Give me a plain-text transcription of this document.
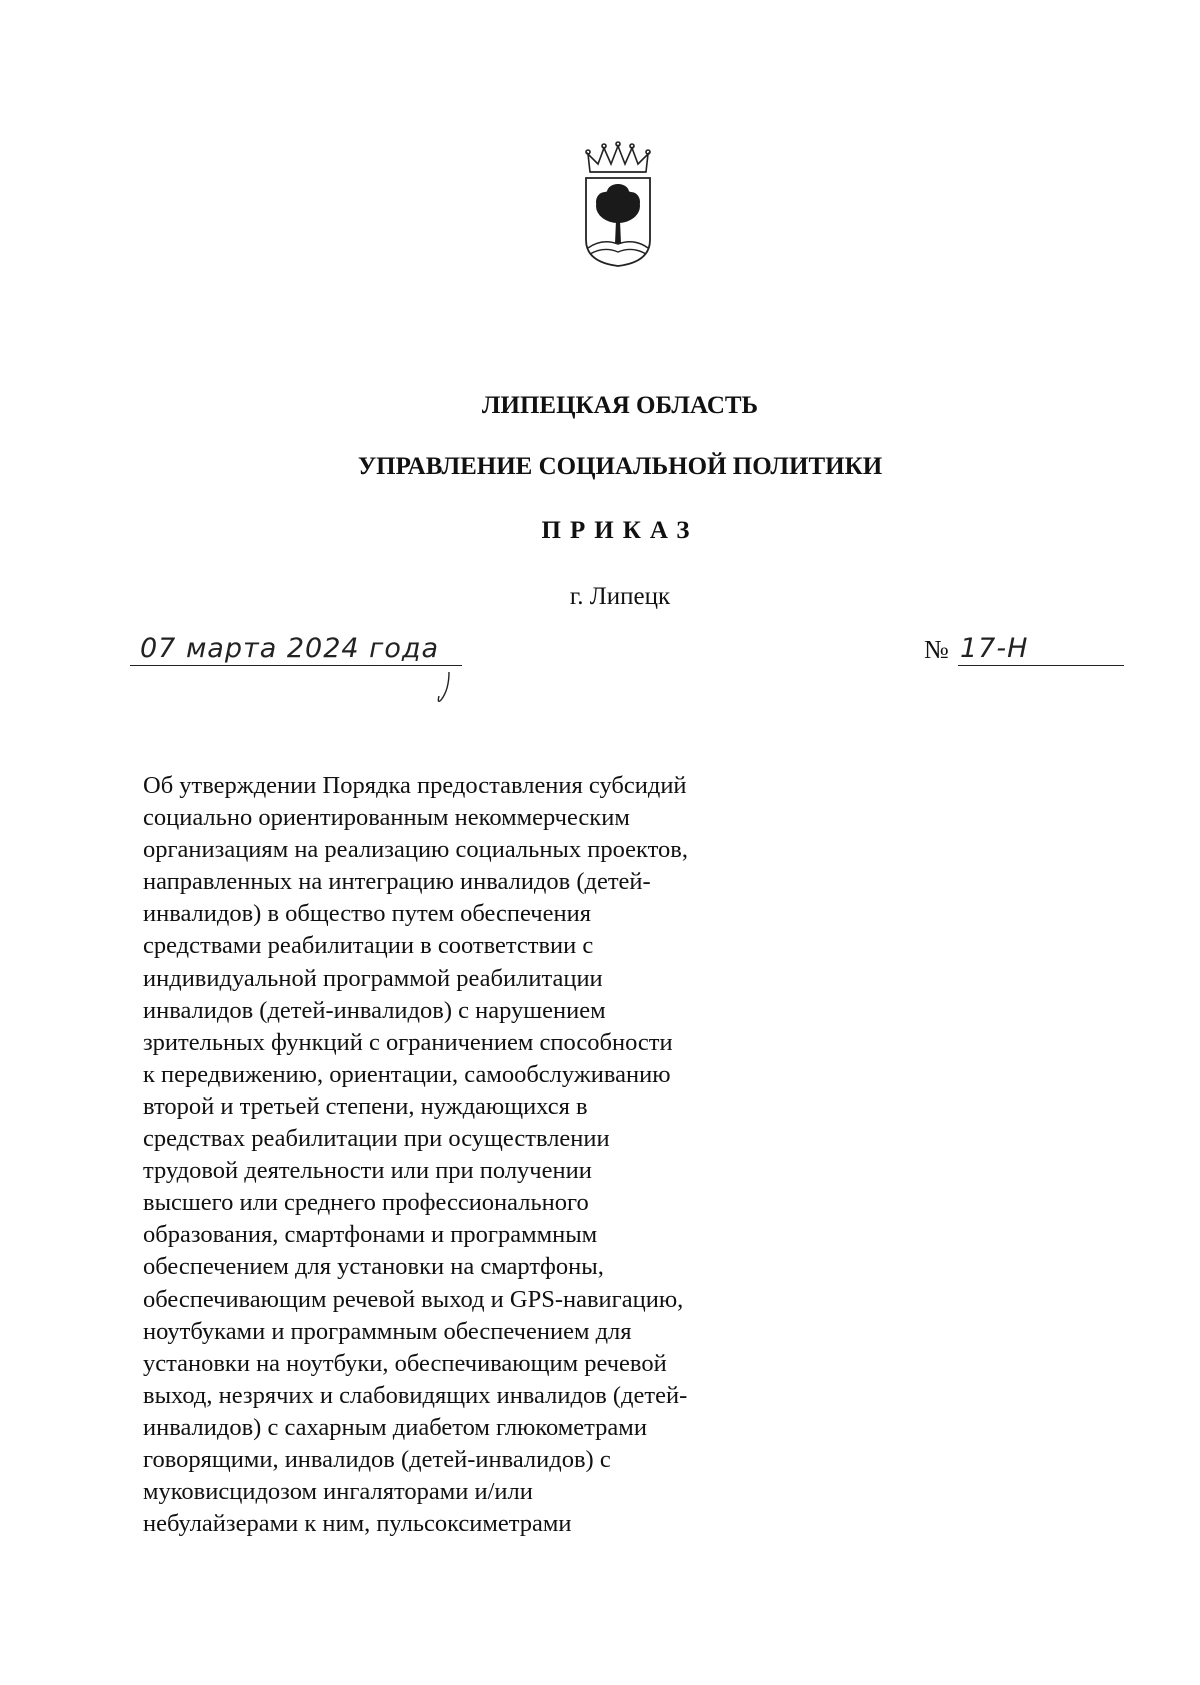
ЛИПЕЦКАЯ ОБЛАСТЬ
УПРАВЛЕНИЕ СОЦИАЛЬНОЙ ПОЛИТИКИ
ПРИКАЗ
г. Липецк
07 марта 2024 года	№ 17-Н
Об утверждении Порядка предоставления субсидий
социально ориентированным некоммерческим
организациям на реализацию социальных проектов,
направленных на интеграцию инвалидов (детей-
инвалидов) в общество путем обеспечения
средствами реабилитации в соответствии с
индивидуальной программой реабилитации
инвалидов (детей-инвалидов) с нарушением
зрительных функций с ограничением способности
к передвижению, ориентации, самообслуживанию
второй и третьей степени, нуждающихся в
средствах реабилитации при осуществлении
трудовой деятельности или при получении
высшего или среднего профессионального
образования, смартфонами и программным
обеспечением для установки на смартфоны,
обеспечивающим речевой выход и GPS-навигацию,
ноутбуками и программным обеспечением для
установки на ноутбуки, обеспечивающим речевой
выход, незрячих и слабовидящих инвалидов (детей-
инвалидов) с сахарным диабетом глюкометрами
говорящими, инвалидов (детей-инвалидов) с
муковисцидозом ингаляторами и/или
небулайзерами к ним, пульсоксиметрами
